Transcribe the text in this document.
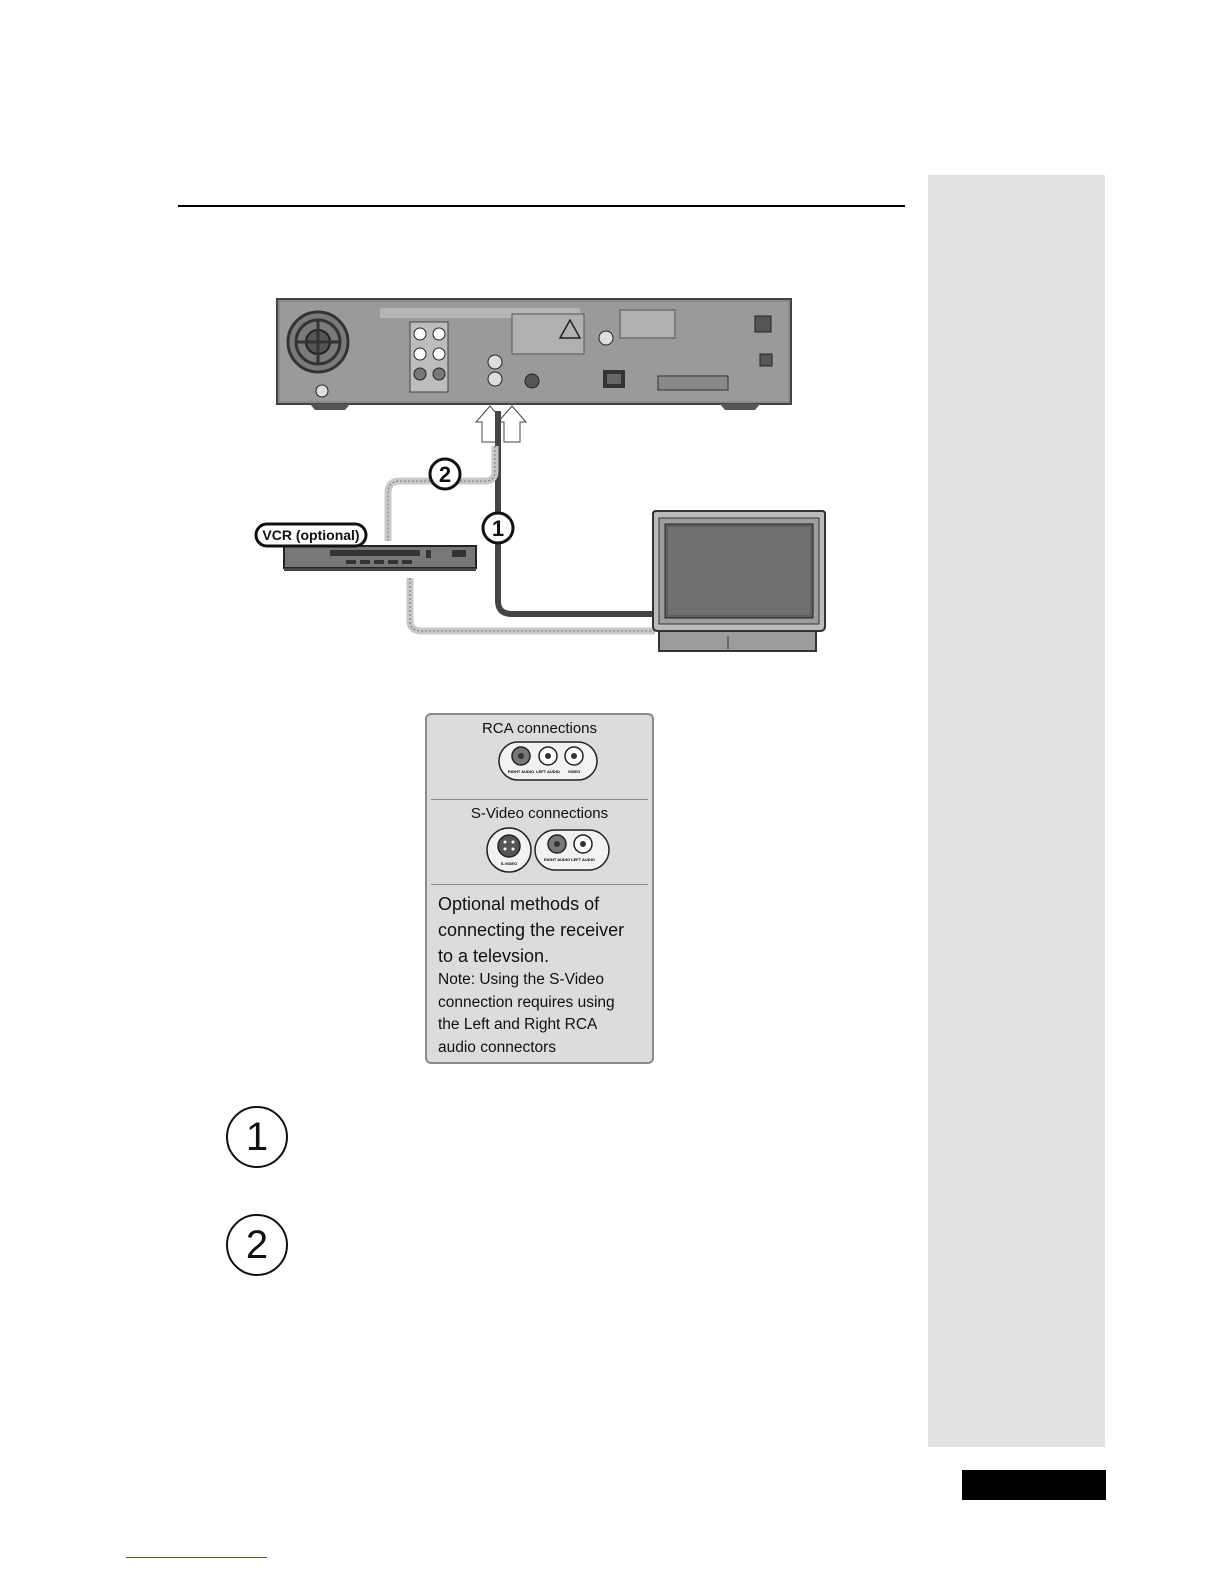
2
1
VCR (optional)
RCA connections
RIGHT AUDIO LEFT AUDIO VIDEO
S-Video connections
S-VIDEO
RIGHT AUDIO LEFT AUDIO
Optional methods of
connecting the receiver
to a televsion.
Note: Using the S-Video
connection requires using
the Left and Right RCA
audio connectors
1
2
